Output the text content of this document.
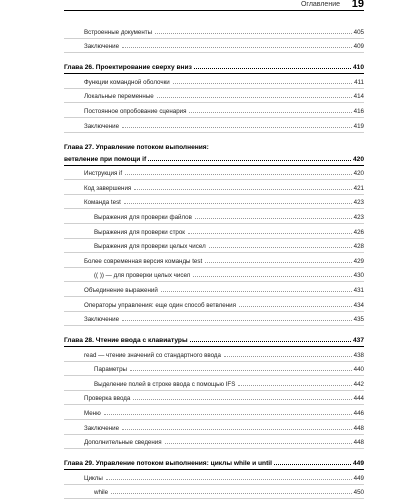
Оглавление 19
Встроенные документы	405
Заключение	409
Глава 26. Проектирование сверху вниз	410
Функции командной оболочки	411
Локальные переменные	414
Постоянное опробование сценария	416
Заключение	419
Глава 27. Управление потоком выполнения:
ветвление при помощи if	420
Инструкция if	420
Код завершения	421
Команда test	423
Выражения для проверки файлов	423
Выражения для проверки строк	426
Выражения для проверки целых чисел	428
Более современная версия команды test	429
(( )) — для проверки целых чисел	430
Объединение выражений	431
Операторы управления: еще один способ ветвления	434
Заключение	435
Глава 28. Чтение ввода с клавиатуры	437
read — чтение значений со стандартного ввода	438
Параметры	440
Выделение полей в строке ввода с помощью IFS	442
Проверка ввода	444
Меню	446
Заключение	448
Дополнительные сведения	448
Глава 29. Управление потоком выполнения: циклы while и until	449
Циклы	449
while	450
